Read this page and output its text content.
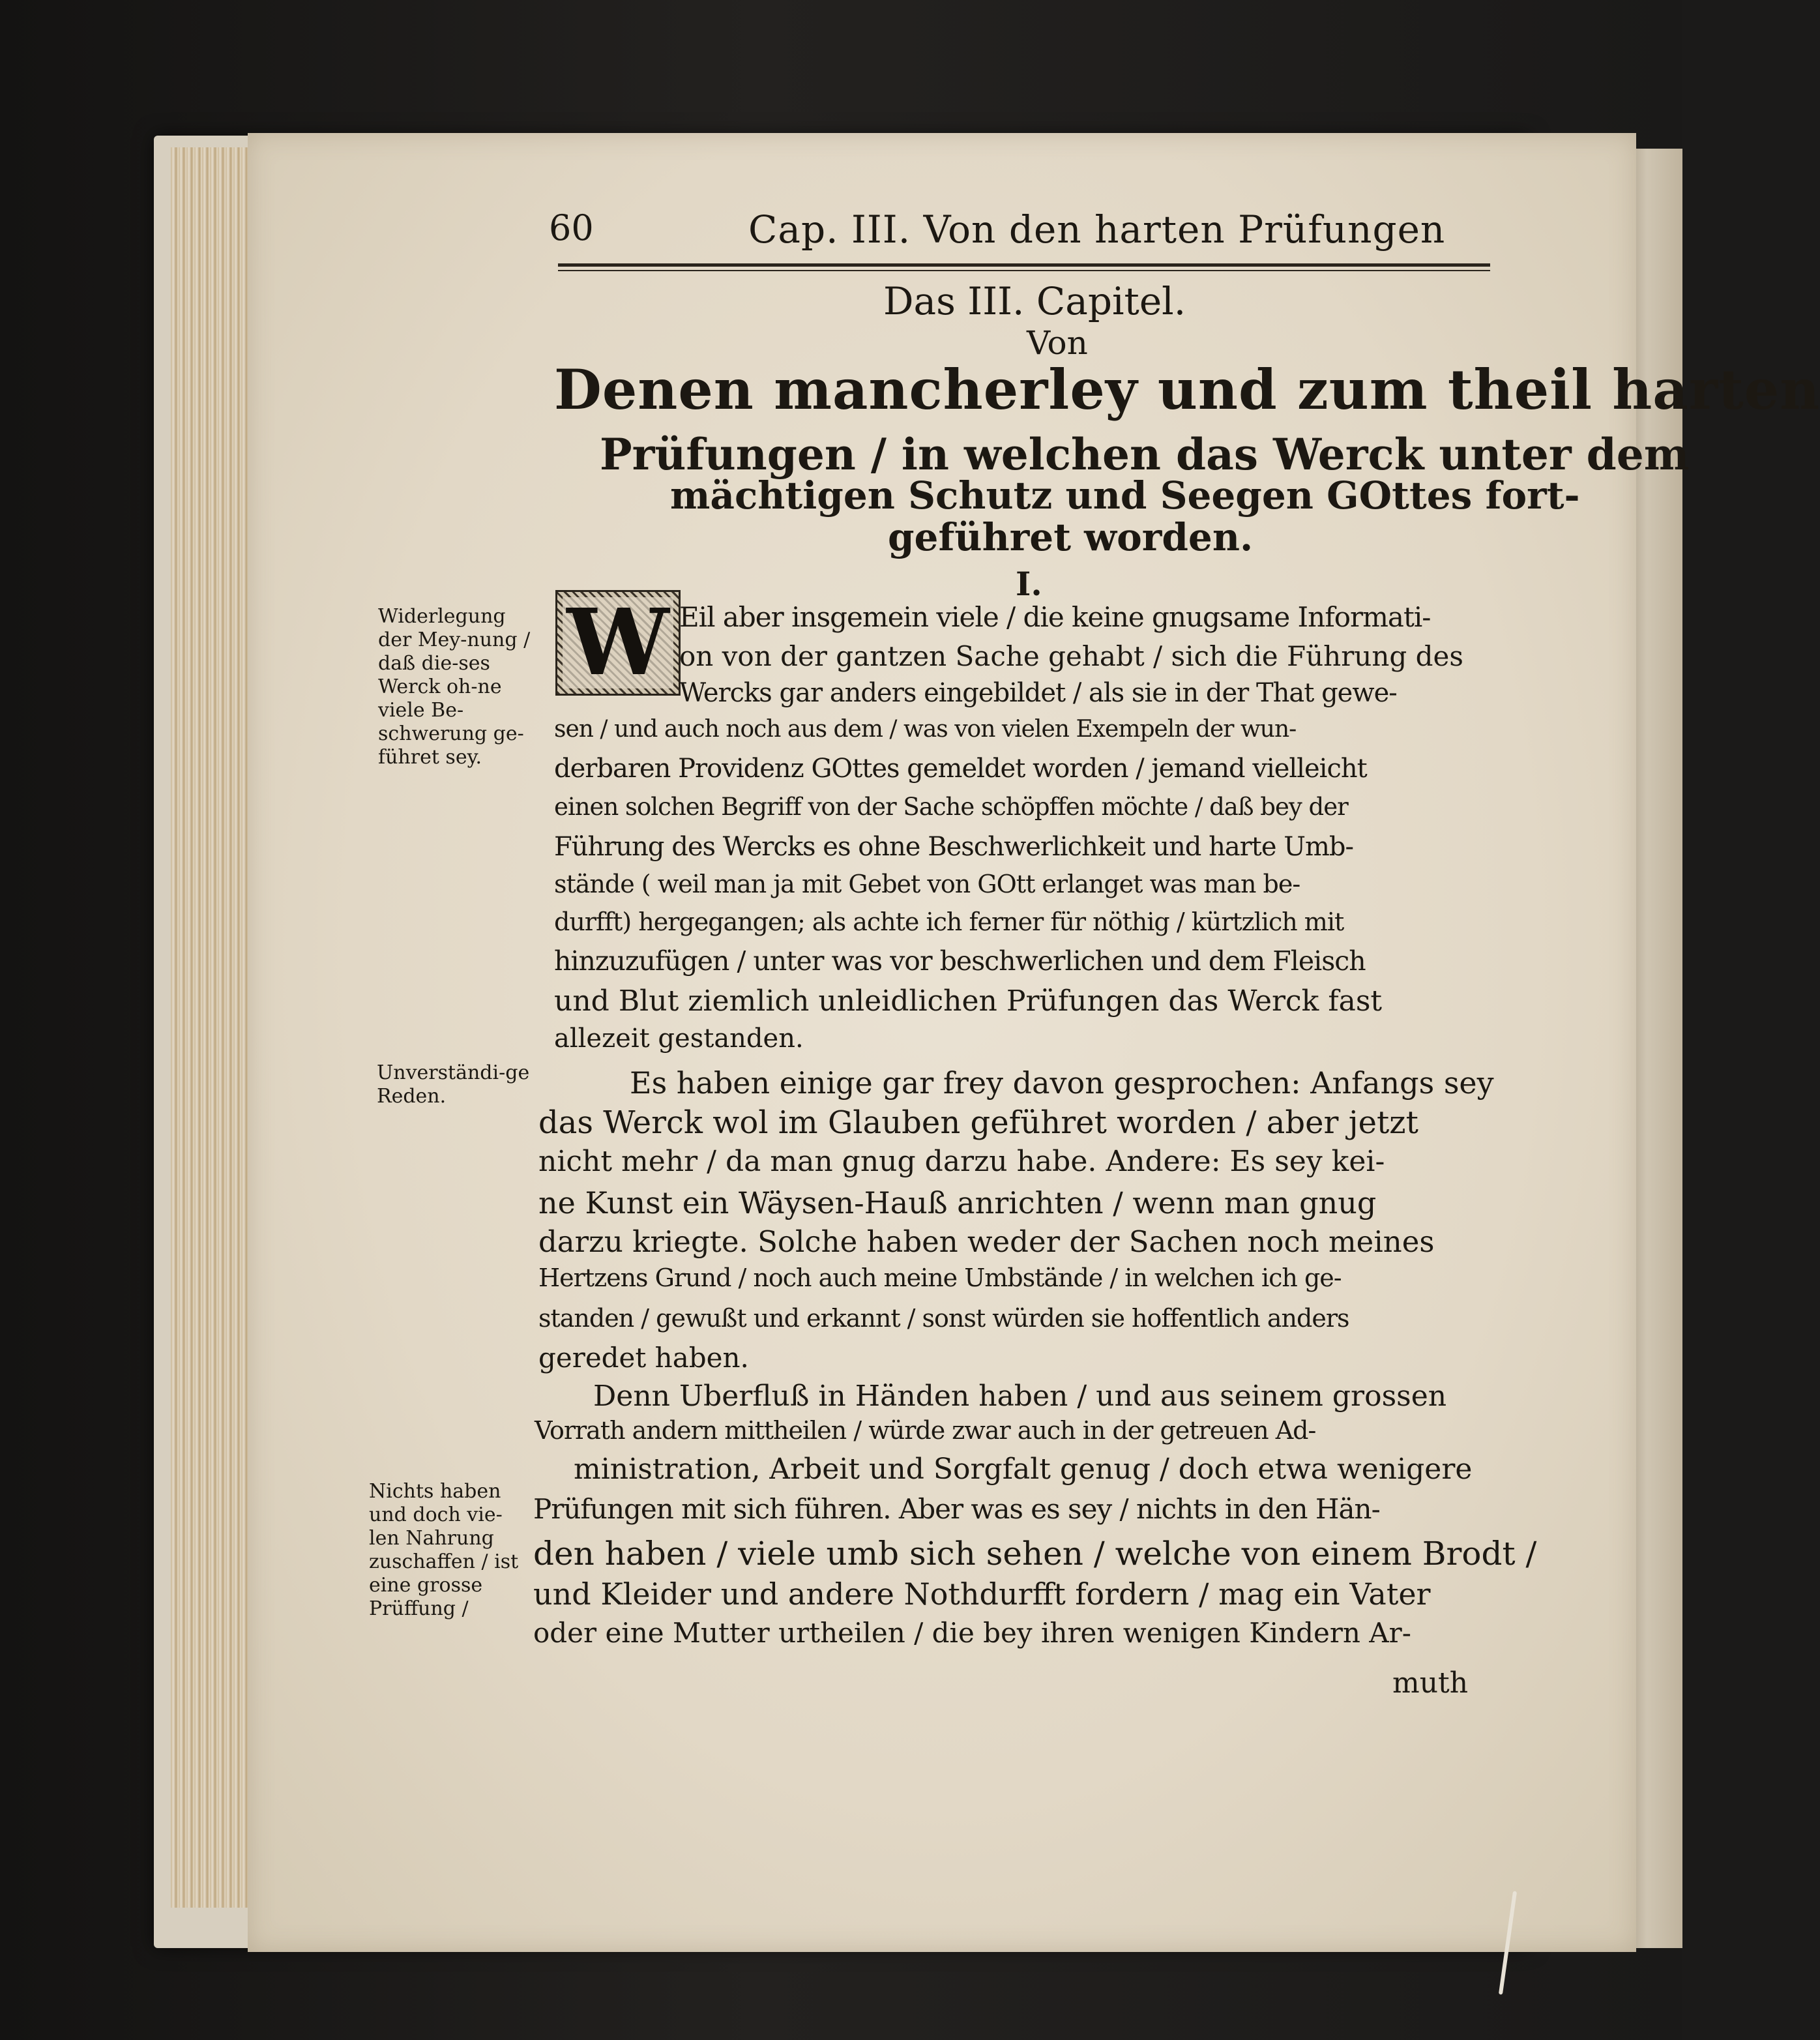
60	Cap. III. Von den harten Prüfungen
Das III. Capitel.
Von
Denen mancherley und zum theil harten
Prüfungen / in welchen das Werck unter dem
mächtigen Schutz und Seegen GOttes fort-
geführet worden.
I.
W Eil aber insgemein viele / die keine gnugsame Informati-
on von der gantzen Sache gehabt / sich die Führung des
Wercks gar anders eingebildet / als sie in der That gewe-
sen / und auch noch aus dem / was von vielen Exempeln der wun-
derbaren Providenz GOttes gemeldet worden / jemand vielleicht
einen solchen Begriff von der Sache schöpffen möchte / daß bey der
Führung des Wercks es ohne Beschwerlichkeit und harte Umb-
stände ( weil man ja mit Gebet von GOtt erlanget was man be-
durfft) hergegangen; als achte ich ferner für nöthig / kürtzlich mit
hinzuzufügen / unter was vor beschwerlichen und dem Fleisch
und Blut ziemlich unleidlichen Prüfungen das Werck fast
allezeit gestanden.
Es haben einige gar frey davon gesprochen: Anfangs sey
das Werck wol im Glauben geführet worden / aber jetzt
nicht mehr / da man gnug darzu habe. Andere: Es sey kei-
ne Kunst ein Wäysen-Hauß anrichten / wenn man gnug
darzu kriegte. Solche haben weder der Sachen noch meines
Hertzens Grund / noch auch meine Umbstände / in welchen ich ge-
standen / gewußt und erkannt / sonst würden sie hoffentlich anders
geredet haben.
Denn Uberfluß in Händen haben / und aus seinem grossen
Vorrath andern mittheilen / würde zwar auch in der getreuen Ad-
ministration, Arbeit und Sorgfalt genug / doch etwa wenigere
Prüfungen mit sich führen. Aber was es sey / nichts in den Hän-
den haben / viele umb sich sehen / welche von einem Brodt /
und Kleider und andere Nothdurfft fordern / mag ein Vater
oder eine Mutter urtheilen / die bey ihren wenigen Kindern Ar-
muth
Widerlegung der Mey-nung / daß die-ses Werck oh-ne viele Be-schwerung ge-führet sey.
Unverständi-ge Reden.
Nichts haben und doch vie-len Nahrung zuschaffen / ist eine grosse Prüffung /
